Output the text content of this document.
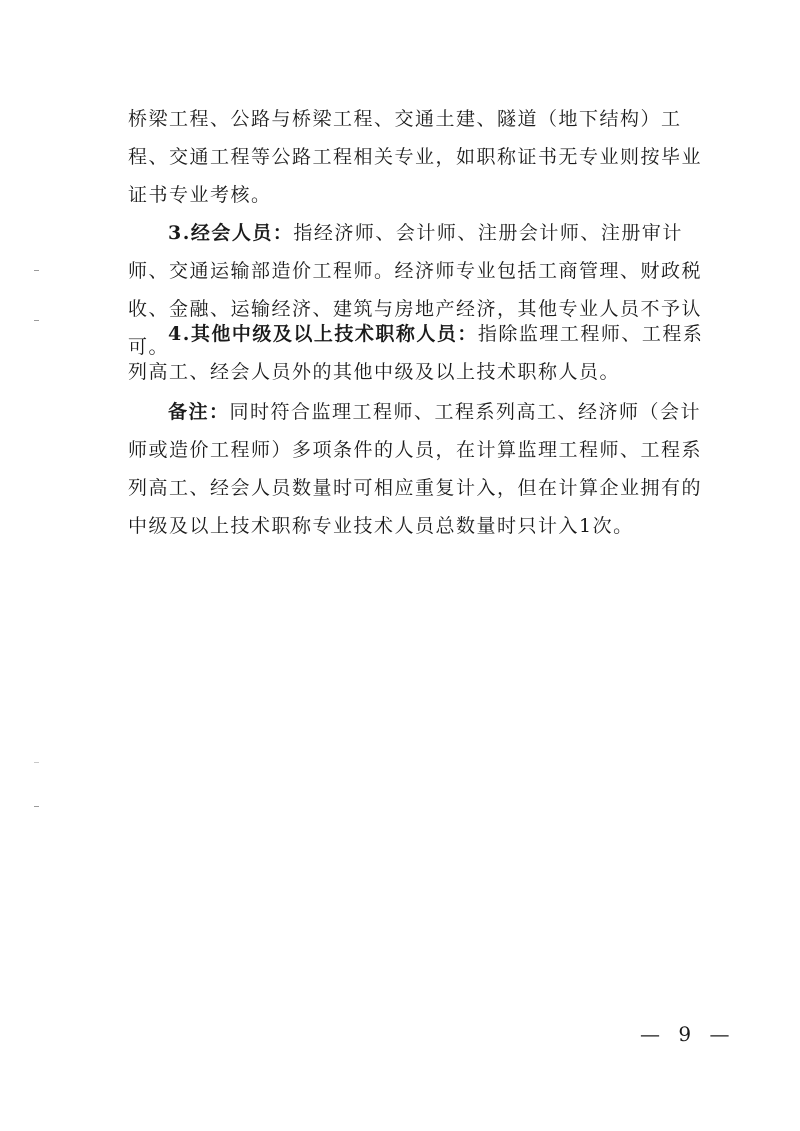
桥梁工程、公路与桥梁工程、交通土建、隧道（地下结构）工程、交通工程等公路工程相关专业，如职称证书无专业则按毕业证书专业考核。

3.经会人员：指经济师、会计师、注册会计师、注册审计师、交通运输部造价工程师。经济师专业包括工商管理、财政税收、金融、运输经济、建筑与房地产经济，其他专业人员不予认可。

4.其他中级及以上技术职称人员：指除监理工程师、工程系列高工、经会人员外的其他中级及以上技术职称人员。

备注：同时符合监理工程师、工程系列高工、经济师（会计师或造价工程师）多项条件的人员，在计算监理工程师、工程系列高工、经会人员数量时可相应重复计入，但在计算企业拥有的中级及以上技术职称专业技术人员总数量时只计入1次。

— 9 —
